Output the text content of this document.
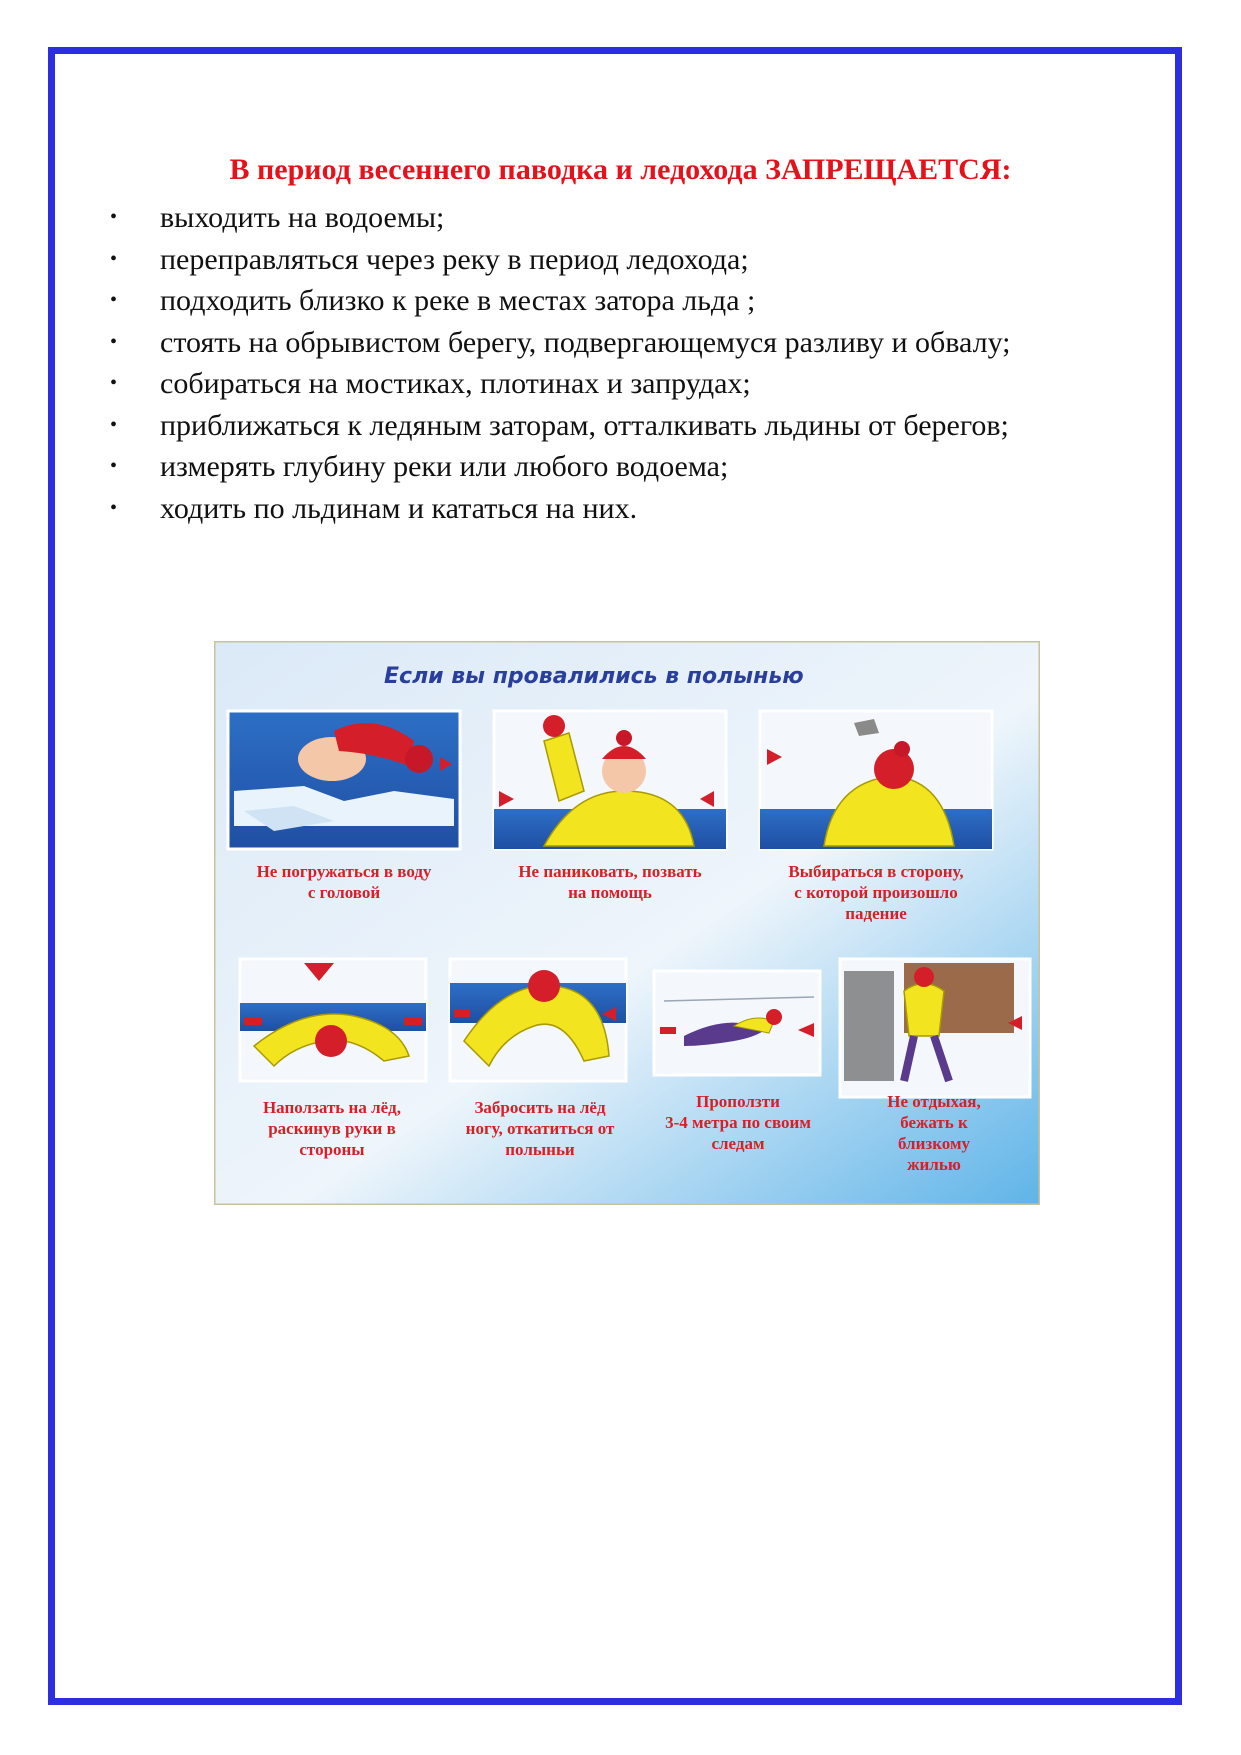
В период весеннего паводка и ледохода ЗАПРЕЩАЕТСЯ:
• выходить на водоемы;
• переправляться через реку в период ледохода;
• подходить близко к реке в местах затора льда ;
• стоять на обрывистом берегу, подвергающемуся разливу и обвалу;
• собираться на мостиках, плотинах и запрудах;
• приближаться к ледяным заторам, отталкивать льдины от берегов;
• измерять глубину реки или любого водоема;
• ходить по льдинам и кататься на них.
Если вы провалились в полынью
Не погружаться в воду
с головой
Не паниковать, позвать
на помощь
Выбираться в сторону,
с которой произошло
падение
Наползать на лёд,
раскинув руки в
стороны
Забросить на лёд
ногу, откатиться от
полыньи
Проползти
3-4 метра по своим
следам
Не отдыхая,
бежать к
близкому
жилью
